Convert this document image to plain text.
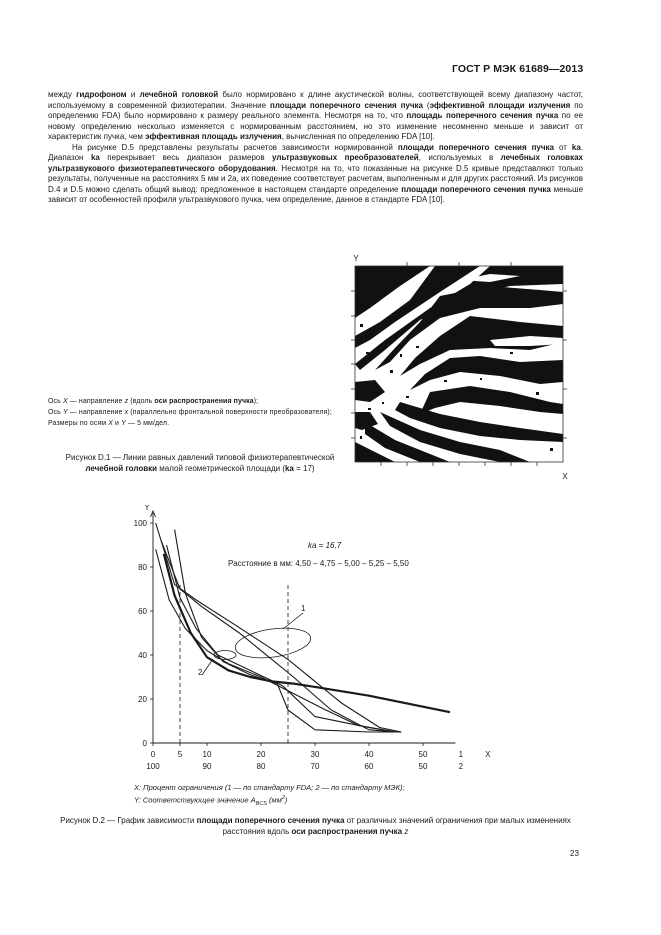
ГОСТ Р МЭК 61689—2013

между гидрофоном и лечебной головкой было нормировано к длине акустической волны, соответствующей всему диапазону частот, используемому в современной физиотерапии. Значение площади поперечного сечения пучка (эффективной площади излучения по определению FDA) было нормировано к размеру реального элемента. Несмотря на то, что площадь поперечного сечения пучка по ее новому определению несколько изменяется с нормированным расстоянием, но это изменение несомненно меньше и зависит от характеристик пучка, чем эффективная площадь излучения, вычисленная по определению FDA [10].

На рисунке D.5 представлены результаты расчетов зависимости нормированной площади поперечного сечения пучка от ka. Диапазон ka перекрывает весь диапазон размеров ультразвуковых преобразователей, используемых в лечебных головках ультразвукового физиотерапевтического оборудования. Несмотря на то, что показанные на рисунке D.5 кривые представляют только результаты, полученные на расстояниях 5 мм и 2a, их поведение соответствует расчетам, выполненным и для других расстояний. Из рисунков D.4 и D.5 можно сделать общий вывод: предложенное в настоящем стандарте определение площади поперечного сечения пучка меньше зависит от особенностей профиля ультразвукового пучка, чем определение, данное в стандарте FDA [10].

Y
X
Ось X — направление z (вдоль оси распространения пучка);
Ось Y — направление x (параллельно фронтальной поверхности преобразователя);
Размеры по осям X и Y — 5 мм/дел.
Рисунок D.1 — Линии равных давлений типовой физиотерапевтической лечебной головки малой геометрической площади (ka = 17)
ka = 16,7
Расстояние в мм: 4,50 – 4,75 – 5,00 – 5,25 – 5,50
1
2
Y
0
20
40
60
80
100
0	5	10	20	30	40	50
100	90	80	70	60	50	2
1	X
X: Процент ограничения (1 — по стандарту FDA; 2 — по стандарту МЭК);
Y: Соответствующее значение $A_{BCS}$ $(мм^2)$
Рисунок D.2 — График зависимости площади поперечного сечения пучка от различных значений ограничения при малых изменениях расстояния вдоль оси распространения пучка z
23
